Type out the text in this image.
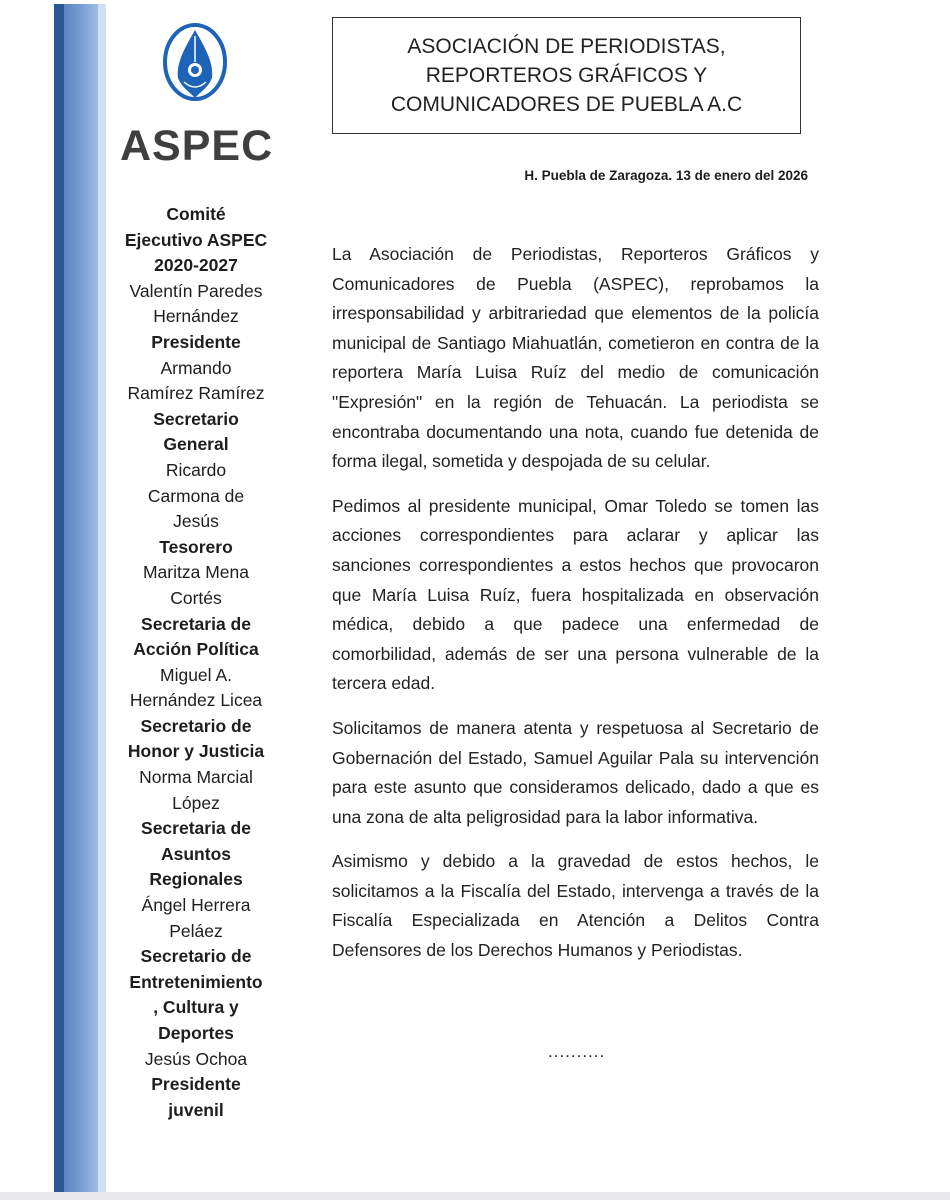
ASPEC
Comité
Ejecutivo ASPEC
2020-2027
Valentín Paredes
Hernández
Presidente
Armando
Ramírez Ramírez
Secretario
General
Ricardo
Carmona de
Jesús
Tesorero
Maritza Mena
Cortés
Secretaria de
Acción Política
Miguel A.
Hernández Licea
Secretario de
Honor y Justicia
Norma Marcial
López
Secretaria de
Asuntos
Regionales
Ángel Herrera
Peláez
Secretario de
Entretenimiento
, Cultura y
Deportes
Jesús Ochoa
Presidente
juvenil
ASOCIACIÓN DE PERIODISTAS,
REPORTEROS GRÁFICOS Y
COMUNICADORES DE PUEBLA A.C
H. Puebla de Zaragoza. 13 de enero del 2026

La Asociación de Periodistas, Reporteros Gráficos y Comunicadores de Puebla (ASPEC), reprobamos la irresponsabilidad y arbitrariedad que elementos de la policía municipal de Santiago Miahuatlán, cometieron en contra de la reportera María Luisa Ruíz del medio de comunicación "Expresión" en la región de Tehuacán. La periodista se encontraba documentando una nota, cuando fue detenida de forma ilegal, sometida y despojada de su celular.

Pedimos al presidente municipal, Omar Toledo se tomen las acciones correspondientes para aclarar y aplicar las sanciones correspondientes a estos hechos que provocaron que María Luisa Ruíz, fuera hospitalizada en observación médica, debido a que padece una enfermedad de comorbilidad, además de ser una persona vulnerable de la tercera edad.

Solicitamos de manera atenta y respetuosa al Secretario de Gobernación del Estado, Samuel Aguilar Pala su intervención para este asunto que consideramos delicado, dado a que es una zona de alta peligrosidad para la labor informativa.

Asimismo y debido a la gravedad de estos hechos, le solicitamos a la Fiscalía del Estado, intervenga a través de la Fiscalía Especializada en Atención a Delitos Contra Defensores de los Derechos Humanos y Periodistas.

..........
